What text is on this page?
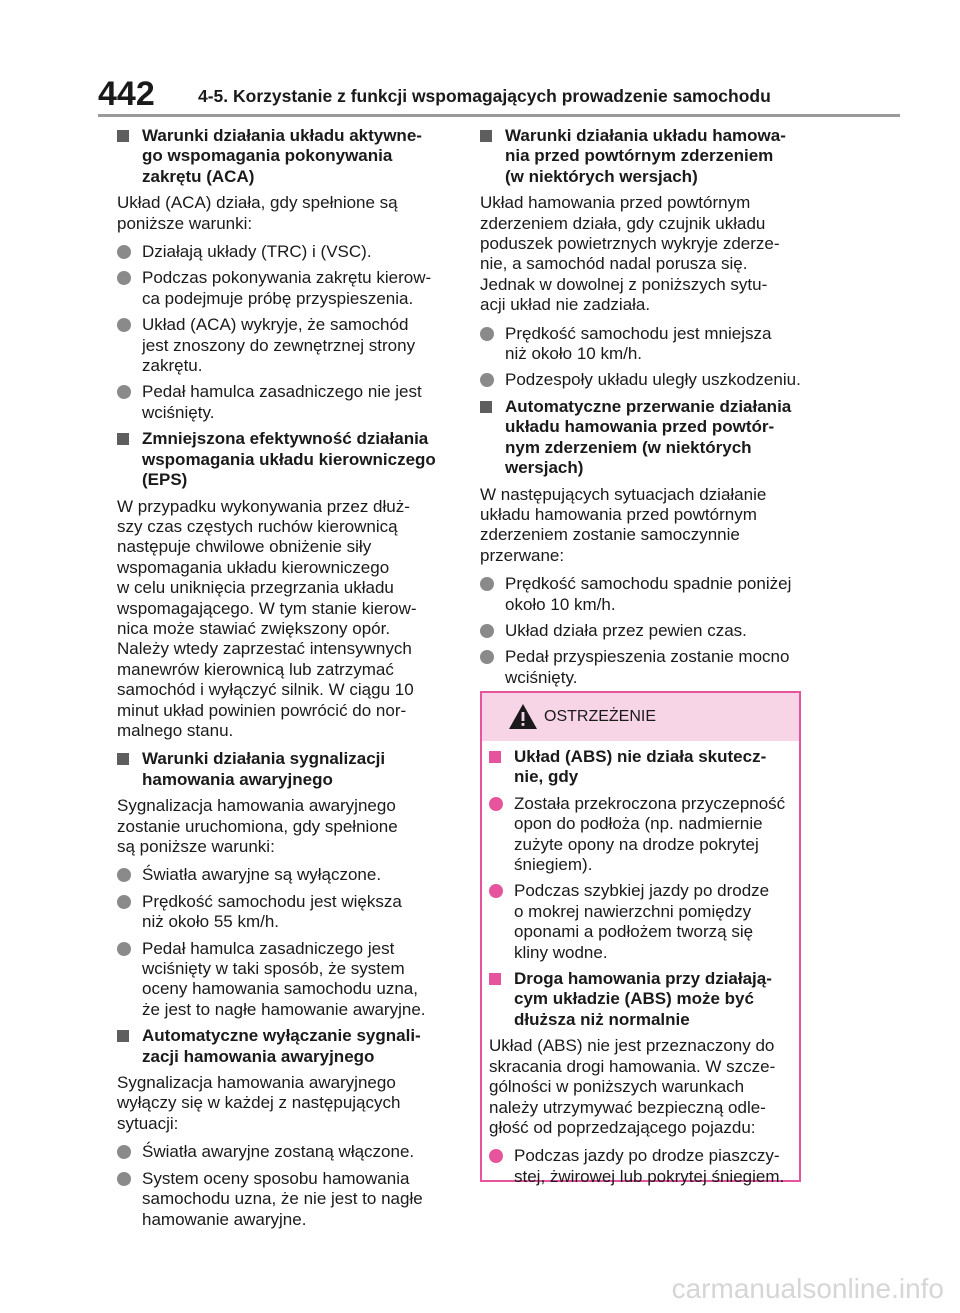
442 4-5. Korzystanie z funkcji wspomagających prowadzenie samochodu
Warunki działania układu aktywne-
go wspomagania pokonywania
zakrętu (ACA)
Układ (ACA) działa, gdy spełnione są
poniższe warunki:
Działają układy (TRC) i (VSC).
Podczas pokonywania zakrętu kierow-
ca podejmuje próbę przyspieszenia.
Układ (ACA) wykryje, że samochód
jest znoszony do zewnętrznej strony
zakrętu.
Pedał hamulca zasadniczego nie jest
wciśnięty.
Zmniejszona efektywność działania
wspomagania układu kierowniczego
(EPS)
W przypadku wykonywania przez dłuż-
szy czas częstych ruchów kierownicą
następuje chwilowe obniżenie siły
wspomagania układu kierowniczego
w celu uniknięcia przegrzania układu
wspomagającego. W tym stanie kierow-
nica może stawiać zwiększony opór.
Należy wtedy zaprzestać intensywnych
manewrów kierownicą lub zatrzymać
samochód i wyłączyć silnik. W ciągu 10
minut układ powinien powrócić do nor-
malnego stanu.
Warunki działania sygnalizacji
hamowania awaryjnego
Sygnalizacja hamowania awaryjnego
zostanie uruchomiona, gdy spełnione
są poniższe warunki:
Światła awaryjne są wyłączone.
Prędkość samochodu jest większa
niż około 55 km/h.
Pedał hamulca zasadniczego jest
wciśnięty w taki sposób, że system
oceny hamowania samochodu uzna,
że jest to nagłe hamowanie awaryjne.
Automatyczne wyłączanie sygnali-
zacji hamowania awaryjnego
Sygnalizacja hamowania awaryjnego
wyłączy się w każdej z następujących
sytuacji:
Światła awaryjne zostaną włączone.
System oceny sposobu hamowania
samochodu uzna, że nie jest to nagłe
hamowanie awaryjne.
Warunki działania układu hamowa-
nia przed powtórnym zderzeniem
(w niektórych wersjach)
Układ hamowania przed powtórnym
zderzeniem działa, gdy czujnik układu
poduszek powietrznych wykryje zderze-
nie, a samochód nadal porusza się.
Jednak w dowolnej z poniższych sytu-
acji układ nie zadziała.
Prędkość samochodu jest mniejsza
niż około 10 km/h.
Podzespoły układu uległy uszkodzeniu.
Automatyczne przerwanie działania
układu hamowania przed powtór-
nym zderzeniem (w niektórych
wersjach)
W następujących sytuacjach działanie
układu hamowania przed powtórnym
zderzeniem zostanie samoczynnie
przerwane:
Prędkość samochodu spadnie poniżej
około 10 km/h.
Układ działa przez pewien czas.
Pedał przyspieszenia zostanie mocno
wciśnięty.
OSTRZEŻENIE
Układ (ABS) nie działa skutecz-
nie, gdy
Została przekroczona przyczepność
opon do podłoża (np. nadmiernie
zużyte opony na drodze pokrytej
śniegiem).
Podczas szybkiej jazdy po drodze
o mokrej nawierzchni pomiędzy
oponami a podłożem tworzą się
kliny wodne.
Droga hamowania przy działają-
cym układzie (ABS) może być
dłuższa niż normalnie
Układ (ABS) nie jest przeznaczony do
skracania drogi hamowania. W szcze-
gólności w poniższych warunkach
należy utrzymywać bezpieczną odle-
głość od poprzedzającego pojazdu:
Podczas jazdy po drodze piaszczy-
stej, żwirowej lub pokrytej śniegiem.
carmanualsonline.info
